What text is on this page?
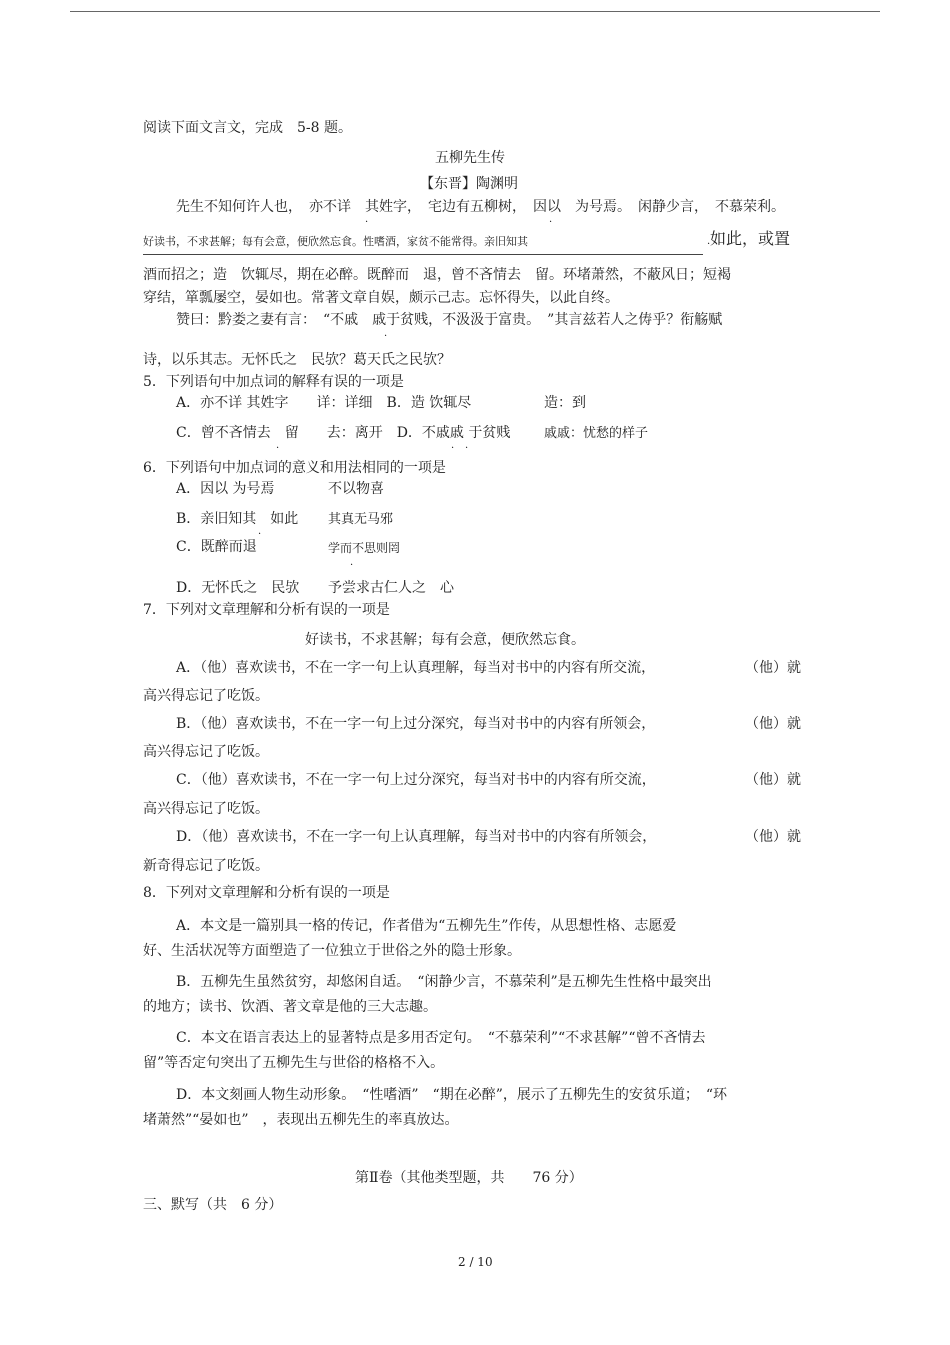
阅读下面文言文，完成　5-8 题。
五柳先生传
【东晋】陶渊明
先生不知何许人也，　亦不详　其姓字，　宅边有五柳树，　因以　为号焉。　闲静少言，　不慕荣利。
·	·
好读书，不求甚解；每有会意，便欣然忘食。性嗜酒，家贫不能常得。亲旧知其	如此，或置
·
酒而招之；造　饮辄尽，期在必醉。既醉而　退，曾不吝情去　留。环堵萧然，不蔽风日；短褐
穿结，箪瓢屡空，晏如也。常著文章自娱，颇示己志。忘怀得失，以此自终。
赞曰：黔娄之妻有言：　“不戚　戚于贫贱，不汲汲于富贵。　”其言兹若人之俦乎？衔觞赋
·
诗，以乐其志。无怀氏之　民欤？葛天氏之民欤？
5．下列语句中加点词的解释有误的一项是
A．亦不详 其姓字　　详：详细　B．造 饮辄尽	造：到
C．曾不吝情去　留　　去：离开　D．不戚戚 于贫贱	戚戚：忧愁的样子
·	· ·
6．下列语句中加点词的意义和用法相同的一项是
A．因以 为号焉	不以物喜
B．亲旧知其　如此 其真无马邪
·
C．既醉而退	学而不思则罔
·
D．无怀氏之　民欤 予尝求古仁人之　心
7．下列对文章理解和分析有误的一项是
好读书，不求甚解；每有会意，便欣然忘食。
A．（他）喜欢读书，不在一字一句上认真理解，每当对书中的内容有所交流，	（他）就
高兴得忘记了吃饭。
B．（他）喜欢读书，不在一字一句上过分深究，每当对书中的内容有所领会，	（他）就
高兴得忘记了吃饭。
C．（他）喜欢读书，不在一字一句上过分深究，每当对书中的内容有所交流，	（他）就
高兴得忘记了吃饭。
D．（他）喜欢读书，不在一字一句上认真理解，每当对书中的内容有所领会，	（他）就
新奇得忘记了吃饭。
8．下列对文章理解和分析有误的一项是
A．本文是一篇别具一格的传记，作者借为“五柳先生”作传，从思想性格、志愿爱
好、生活状况等方面塑造了一位独立于世俗之外的隐士形象。
B．五柳先生虽然贫穷，却悠闲自适。　“闲静少言，不慕荣利”是五柳先生性格中最突出
的地方；读书、饮酒、著文章是他的三大志趣。
C．本文在语言表达上的显著特点是多用否定句。　“不慕荣利”“不求甚解”“曾不吝情去
留”等否定句突出了五柳先生与世俗的格格不入。
D．本文刻画人物生动形象。　“性嗜酒”　“期在必醉”，展示了五柳先生的安贫乐道；　“环
堵萧然”“晏如也”　，表现出五柳先生的率真放达。
第Ⅱ卷（其他类型题，共　　76 分）
三、默写（共　6 分）
2 / 10
